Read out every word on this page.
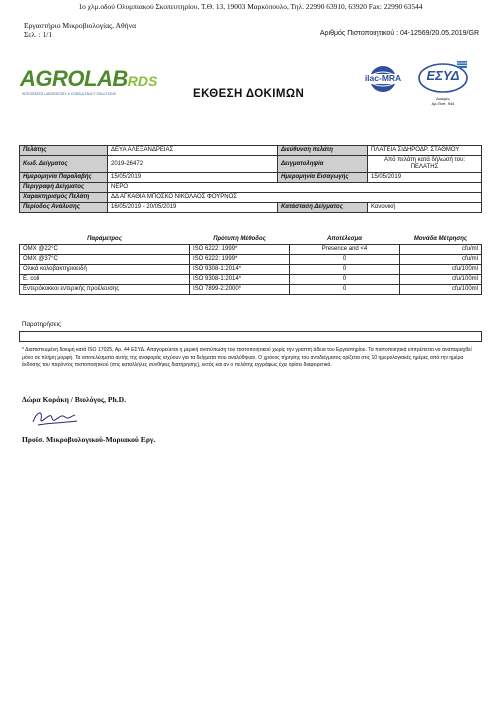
1ο χλμ.οδού Ολυμπιακού Σκοπευτηρίου, Τ.Θ. 13, 19003 Μαρκόπουλο, Τηλ. 22990 63910, 63920 Fax: 22990 63544
Εργαστήριο Μικροβιολογίας, Αθήνα
Σελ. : 1/1	Αριθμός Πιστοποιητικού : 04-12569/20.05.2019/GR
AGROLABRDS
INTEGRATED LABORATORY & CONSULTANCY SOLUTIONS
ilac-MRA	ΕΣΥΔ
Δοκιμές
Αρ.Πιστ. 944
ΕΚΘΕΣΗ ΔΟΚΙΜΩΝ
Πελάτης	ΔΕΥΑ ΑΛΕΞΑΝΔΡΕΙΑΣ	Διεύθυνση πελάτη	ΠΛΑΤΕΙΑ ΣΙΔΗΡΟΔΡ. ΣΤΑΘΜΟΥ
Κωδ. Δείγματος	2019-26472	Δειγματοληψία	Από πελάτη κατά δήλωσή του: ΠΕΛΑΤΗΣ
Ημερομηνία Παραλαβής	15/05/2019	Ημερομηνία Εισαγωγής	15/05/2019
Περιγραφή Δείγματος	ΝΕΡΟ		
Χαρακτηρισμός Πελάτη	ΔΔ ΑΓΚΑΘΙΑ ΜΠΟΣΚΟ ΝΙΚΟΛΑΟΣ ΦΟΥΡΝΟΣ		
Περίοδος Ανάλυσης	16/05/2019 - 20/05/2019	Κατάσταση Δείγματος	Κανονική
Παράμετρος	Πρότυπη Μέθοδος	Αποτέλεσμα	Μονάδα Μέτρησης
ΟΜΧ @22°C	ISO 6222: 1999*	Presence and <4	cfu/ml
ΟΜΧ @37°C	ISO 6222: 1999*	0	cfu/ml
Ολικά κολοβακτηριοειδή	ISO 9308-1:2014*	0	cfu/100ml
E. coli	ISO 9308-1:2014*	0	cfu/100ml
Εντερόκοκκοι εντερικής προέλευσης	ISO 7899-2:2000*	0	cfu/100ml
Παρατηρήσεις
* Διαπιστευμένη δοκιμή κατά ISO 17025, Αρ. 44 ΕΣΥΔ. Απαγορεύεται η μερική ανατύπωση του πιστοποιητικού χωρίς την γραπτή άδεια του Εργαστηρίου. Τα πιστοποιητικά επιτρέπεται να αναπαραχθεί μόνο σε πλήρη μορφή. Τα αποτελέσματα αυτής της αναφοράς ισχύουν για τα δείγματα που αναλύθηκαν. Ο χρόνος τήρησης του αντιδείγματος ορίζεται στις 10 ημερολογιακές ημέρες από την ημέρα έκδοσης του παρόντος πιστοποιητικού (στις καταλλήλες συνθήκες διατήρησης), εκτός και αν ο πελάτης εγγράφως έχει ορίσει διαφορετικά.
Δώρα Κοράκη / Βιολόγος, Ph.D.
Προϊσ. Μικροβιολογικού-Μοριακού Εργ.
